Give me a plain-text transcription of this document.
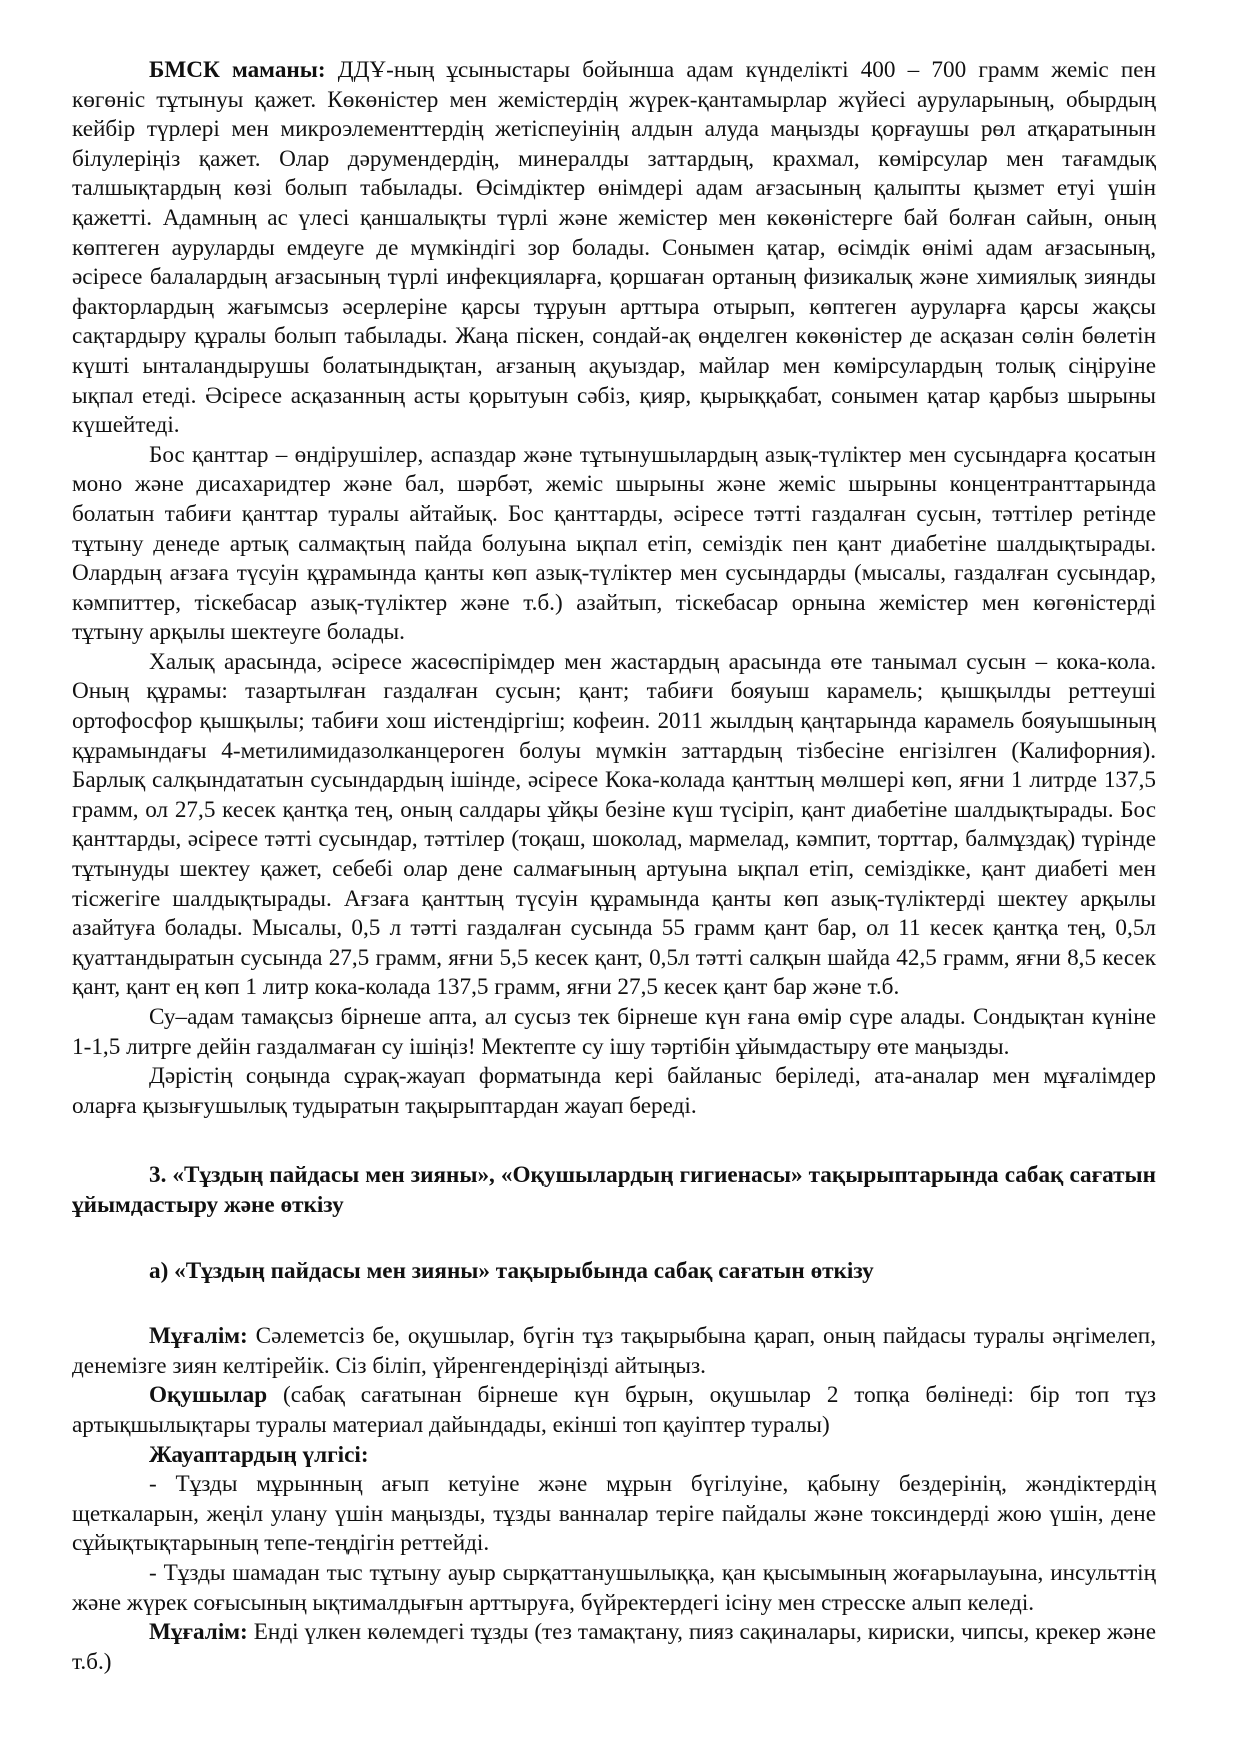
БМСК маманы: ДДҰ-ның ұсыныстары бойынша адам күнделікті 400 – 700 грамм жеміс пен көгөніс тұтынуы қажет. Көкөністер мен жемістердің жүрек-қантамырлар жүйесі ауруларының, обырдың кейбір түрлері мен микроэлементтердің жетіспеуінің алдын алуда маңызды қорғаушы рөл атқаратынын білулеріңіз қажет. Олар дәрумендердің, минералды заттардың, крахмал, көмірсулар мен тағамдық талшықтардың көзі болып табылады. Өсімдіктер өнімдері адам ағзасының қалыпты қызмет етуі үшін қажетті. Адамның ас үлесі қаншалықты түрлі және жемістер мен көкөністерге бай болған сайын, оның көптеген ауруларды емдеуге де мүмкіндігі зор болады. Сонымен қатар, өсімдік өнімі адам ағзасының, әсіресе балалардың ағзасының түрлі инфекцияларға, қоршаған ортаның физикалық және химиялық зиянды факторлардың жағымсыз әсерлеріне қарсы тұруын арттыра отырып, көптеген ауруларға қарсы жақсы сақтардыру құралы болып табылады. Жаңа піскен, сондай-ақ өңделген көкөністер де асқазан сөлін бөлетін күшті ынталандырушы болатындықтан, ағзаның ақуыздар, майлар мен көмірсулардың толық сіңіруіне ықпал етеді. Әсіресе асқазанның асты қорытуын сәбіз, қияр, қырыққабат, сонымен қатар қарбыз шырыны күшейтеді.

Бос қанттар – өндірушілер, аспаздар және тұтынушылардың азық-түліктер мен сусындарға қосатын моно және дисахаридтер және бал, шәрбәт, жеміс шырыны және жеміс шырыны концентранттарында болатын табиғи қанттар туралы айтайық. Бос қанттарды, әсіресе тәтті газдалған сусын, тәттілер ретінде тұтыну денеде артық салмақтың пайда болуына ықпал етіп, семіздік пен қант диабетіне шалдықтырады. Олардың ағзаға түсуін құрамында қанты көп азық-түліктер мен сусындарды (мысалы, газдалған сусындар, кәмпиттер, тіскебасар азық-түліктер және т.б.) азайтып, тіскебасар орнына жемістер мен көгөністерді тұтыну арқылы шектеуге болады.

Халық арасында, әсіресе жасөспірімдер мен жастардың арасында өте танымал сусын – кока-кола. Оның құрамы: тазартылған газдалған сусын; қант; табиғи бояуыш карамель; қышқылды реттеуші ортофосфор қышқылы; табиғи хош иістендіргіш; кофеин. 2011 жылдың қаңтарында карамель бояуышының құрамындағы 4-метилимидазолканцероген болуы мүмкін заттардың тізбесіне енгізілген (Калифорния). Барлық салқындататын сусындардың ішінде, әсіресе Кока-колада қанттың мөлшері көп, яғни 1 литрде 137,5 грамм, ол 27,5 кесек қантқа тең, оның салдары ұйқы безіне күш түсіріп, қант диабетіне шалдықтырады. Бос қанттарды, әсіресе тәтті сусындар, тәттілер (тоқаш, шоколад, мармелад, кәмпит, торттар, балмұздақ) түрінде тұтынуды шектеу қажет, себебі олар дене салмағының артуына ықпал етіп, семіздікке, қант диабеті мен тісжегіге шалдықтырады. Ағзаға қанттың түсуін құрамында қанты көп азық-түліктерді шектеу арқылы азайтуға болады. Мысалы, 0,5 л тәтті газдалған сусында 55 грамм қант бар, ол 11 кесек қантқа тең, 0,5л қуаттандыратын сусында 27,5 грамм, яғни 5,5 кесек қант, 0,5л тәтті салқын шайда 42,5 грамм, яғни 8,5 кесек қант, қант ең көп 1 литр кока-колада 137,5 грамм, яғни 27,5 кесек қант бар және т.б.

Су–адам тамақсыз бірнеше апта, ал сусыз тек бірнеше күн ғана өмір сүре алады. Сондықтан күніне 1-1,5 литрге дейін газдалмаған су ішіңіз! Мектепте су ішу тәртібін ұйымдастыру өте маңызды.

Дәрістің соңында сұрақ-жауап форматында кері байланыс беріледі, ата-аналар мен мұғалімдер оларға қызығушылық тудыратын тақырыптардан жауап береді.

3. «Тұздың пайдасы мен зияны», «Оқушылардың гигиенасы» тақырыптарында сабақ сағатын ұйымдастыру және өткізу

а) «Тұздың пайдасы мен зияны» тақырыбында сабақ сағатын өткізу

Мұғалім: Сәлеметсіз бе, оқушылар, бүгін тұз тақырыбына қарап, оның пайдасы туралы әңгімелеп, денемізге зиян келтірейік. Сіз біліп, үйренгендеріңізді айтыңыз.

Оқушылар (сабақ сағатынан бірнеше күн бұрын, оқушылар 2 топқа бөлінеді: бір топ тұз артықшылықтары туралы материал дайындады, екінші топ қауіптер туралы)

Жауаптардың үлгісі:

- Тұзды мұрынның ағып кетуіне және мұрын бүгілуіне, қабыну бездерінің, жәндіктердің щеткаларын, жеңіл улану үшін маңызды, тұзды ванналар теріге пайдалы және токсиндерді жою үшін, дене сұйықтықтарының тепе-теңдігін реттейді.

- Тұзды шамадан тыс тұтыну ауыр сырқаттанушылыққа, қан қысымының жоғарылауына, инсульттің және жүрек соғысының ықтималдығын арттыруға, бүйректердегі ісіну мен стресске алып келеді.

Мұғалім: Енді үлкен көлемдегі тұзды (тез тамақтану, пияз сақиналары, кириски, чипсы, крекер және т.б.)
